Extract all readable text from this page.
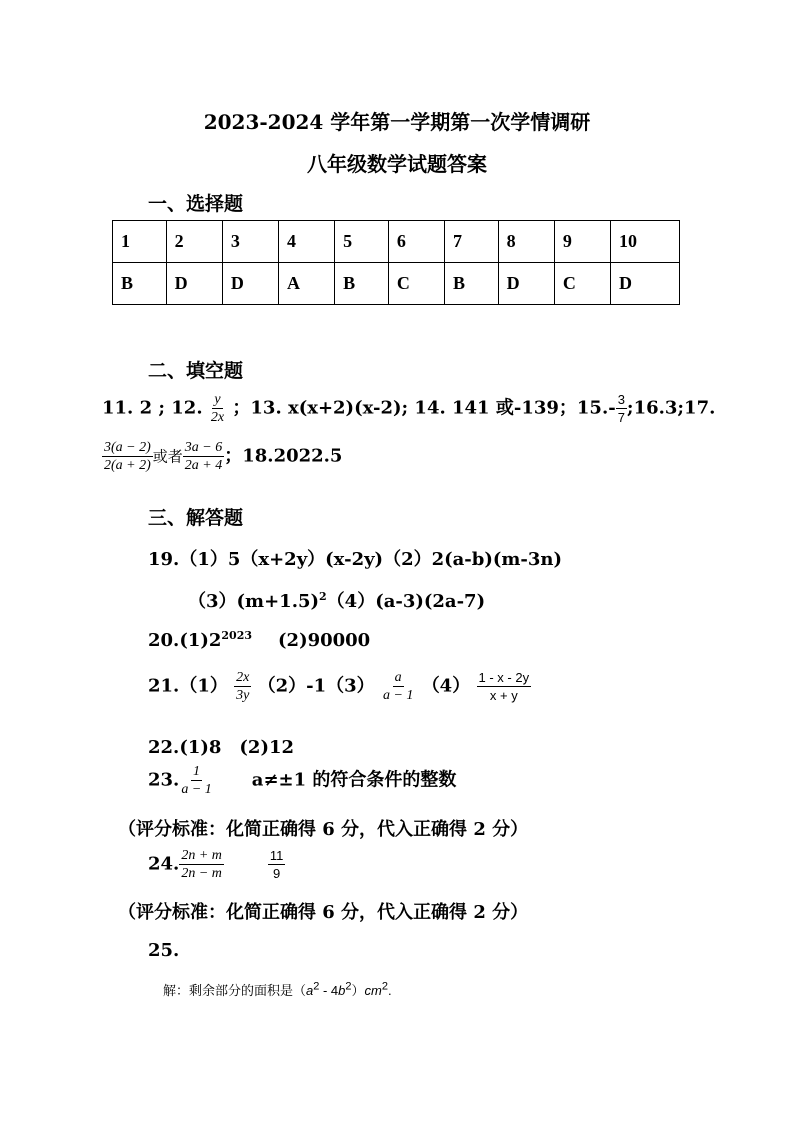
2023-2024 学年第一学期第一次学情调研
八年级数学试题答案
一、选择题
1	2	3	4	5	6	7	8	9	10
B	D	D	A	B	C	B	D	C	D
二、填空题
11. 2 ; 12. $\frac{y}{2x}$ ；13. x(x+2)(x-2); 14. 141 或-139；$15.- \frac{3}{7}$ ;16.3;17.
$\frac{3(a - 2)}{2(a + 2)}$ 或者 $\frac{3a - 6}{2a + 4}$ ；18.2022.5
三、解答题
19.（1）5（x+2y）(x-2y)（2）2(a-b)(m-3n)
$(3)(m+1.5)^2(4)(a-3)(2a-7)$
$20.(1)2^{2023}$ (2)90000
$21.(1) \frac{2x}{3y} (2)-1(3) \frac{a}{a - 1} (4) \frac{1 - x - 2y}{x + y}$
22.(1)8　(2)12
23. $\frac{1}{a - 1} a\ne\pm 1$ 的符合条件的整数
（评分标准：化简正确得 6 分，代入正确得 2 分）
24. $\frac{2n + m}{2n - m}$	$\frac{11}{9}$
（评分标准：化简正确得 6 分，代入正确得 2 分）
25.
解：剩余部分的面积是$(a^2 - 4b^2)cm^2$.
